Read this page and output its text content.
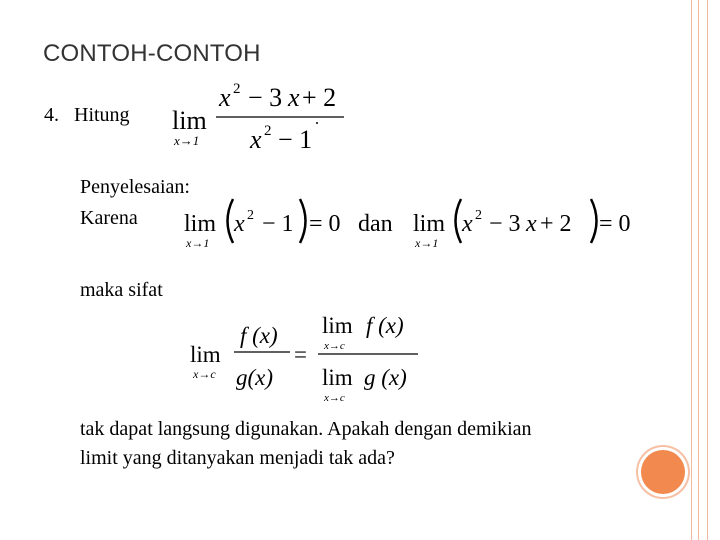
CONTOH-CONTOH
4. Hitung
Penyelesaian:
Karena
maka sifat
tak dapat langsung digunakan. Apakah dengan demikian
limit yang ditanyakan menjadi tak ada?
lim
x→1
x 2 − 3 x + 2
x 2 − 1
lim
x→1
x 2 − 1 = 0 dan lim
x→1
x 2 − 3 x + 2 = 0
lim
x→c
f (x)
g(x)
=
lim
x→c
f (x)
lim
x→c
g (x)
